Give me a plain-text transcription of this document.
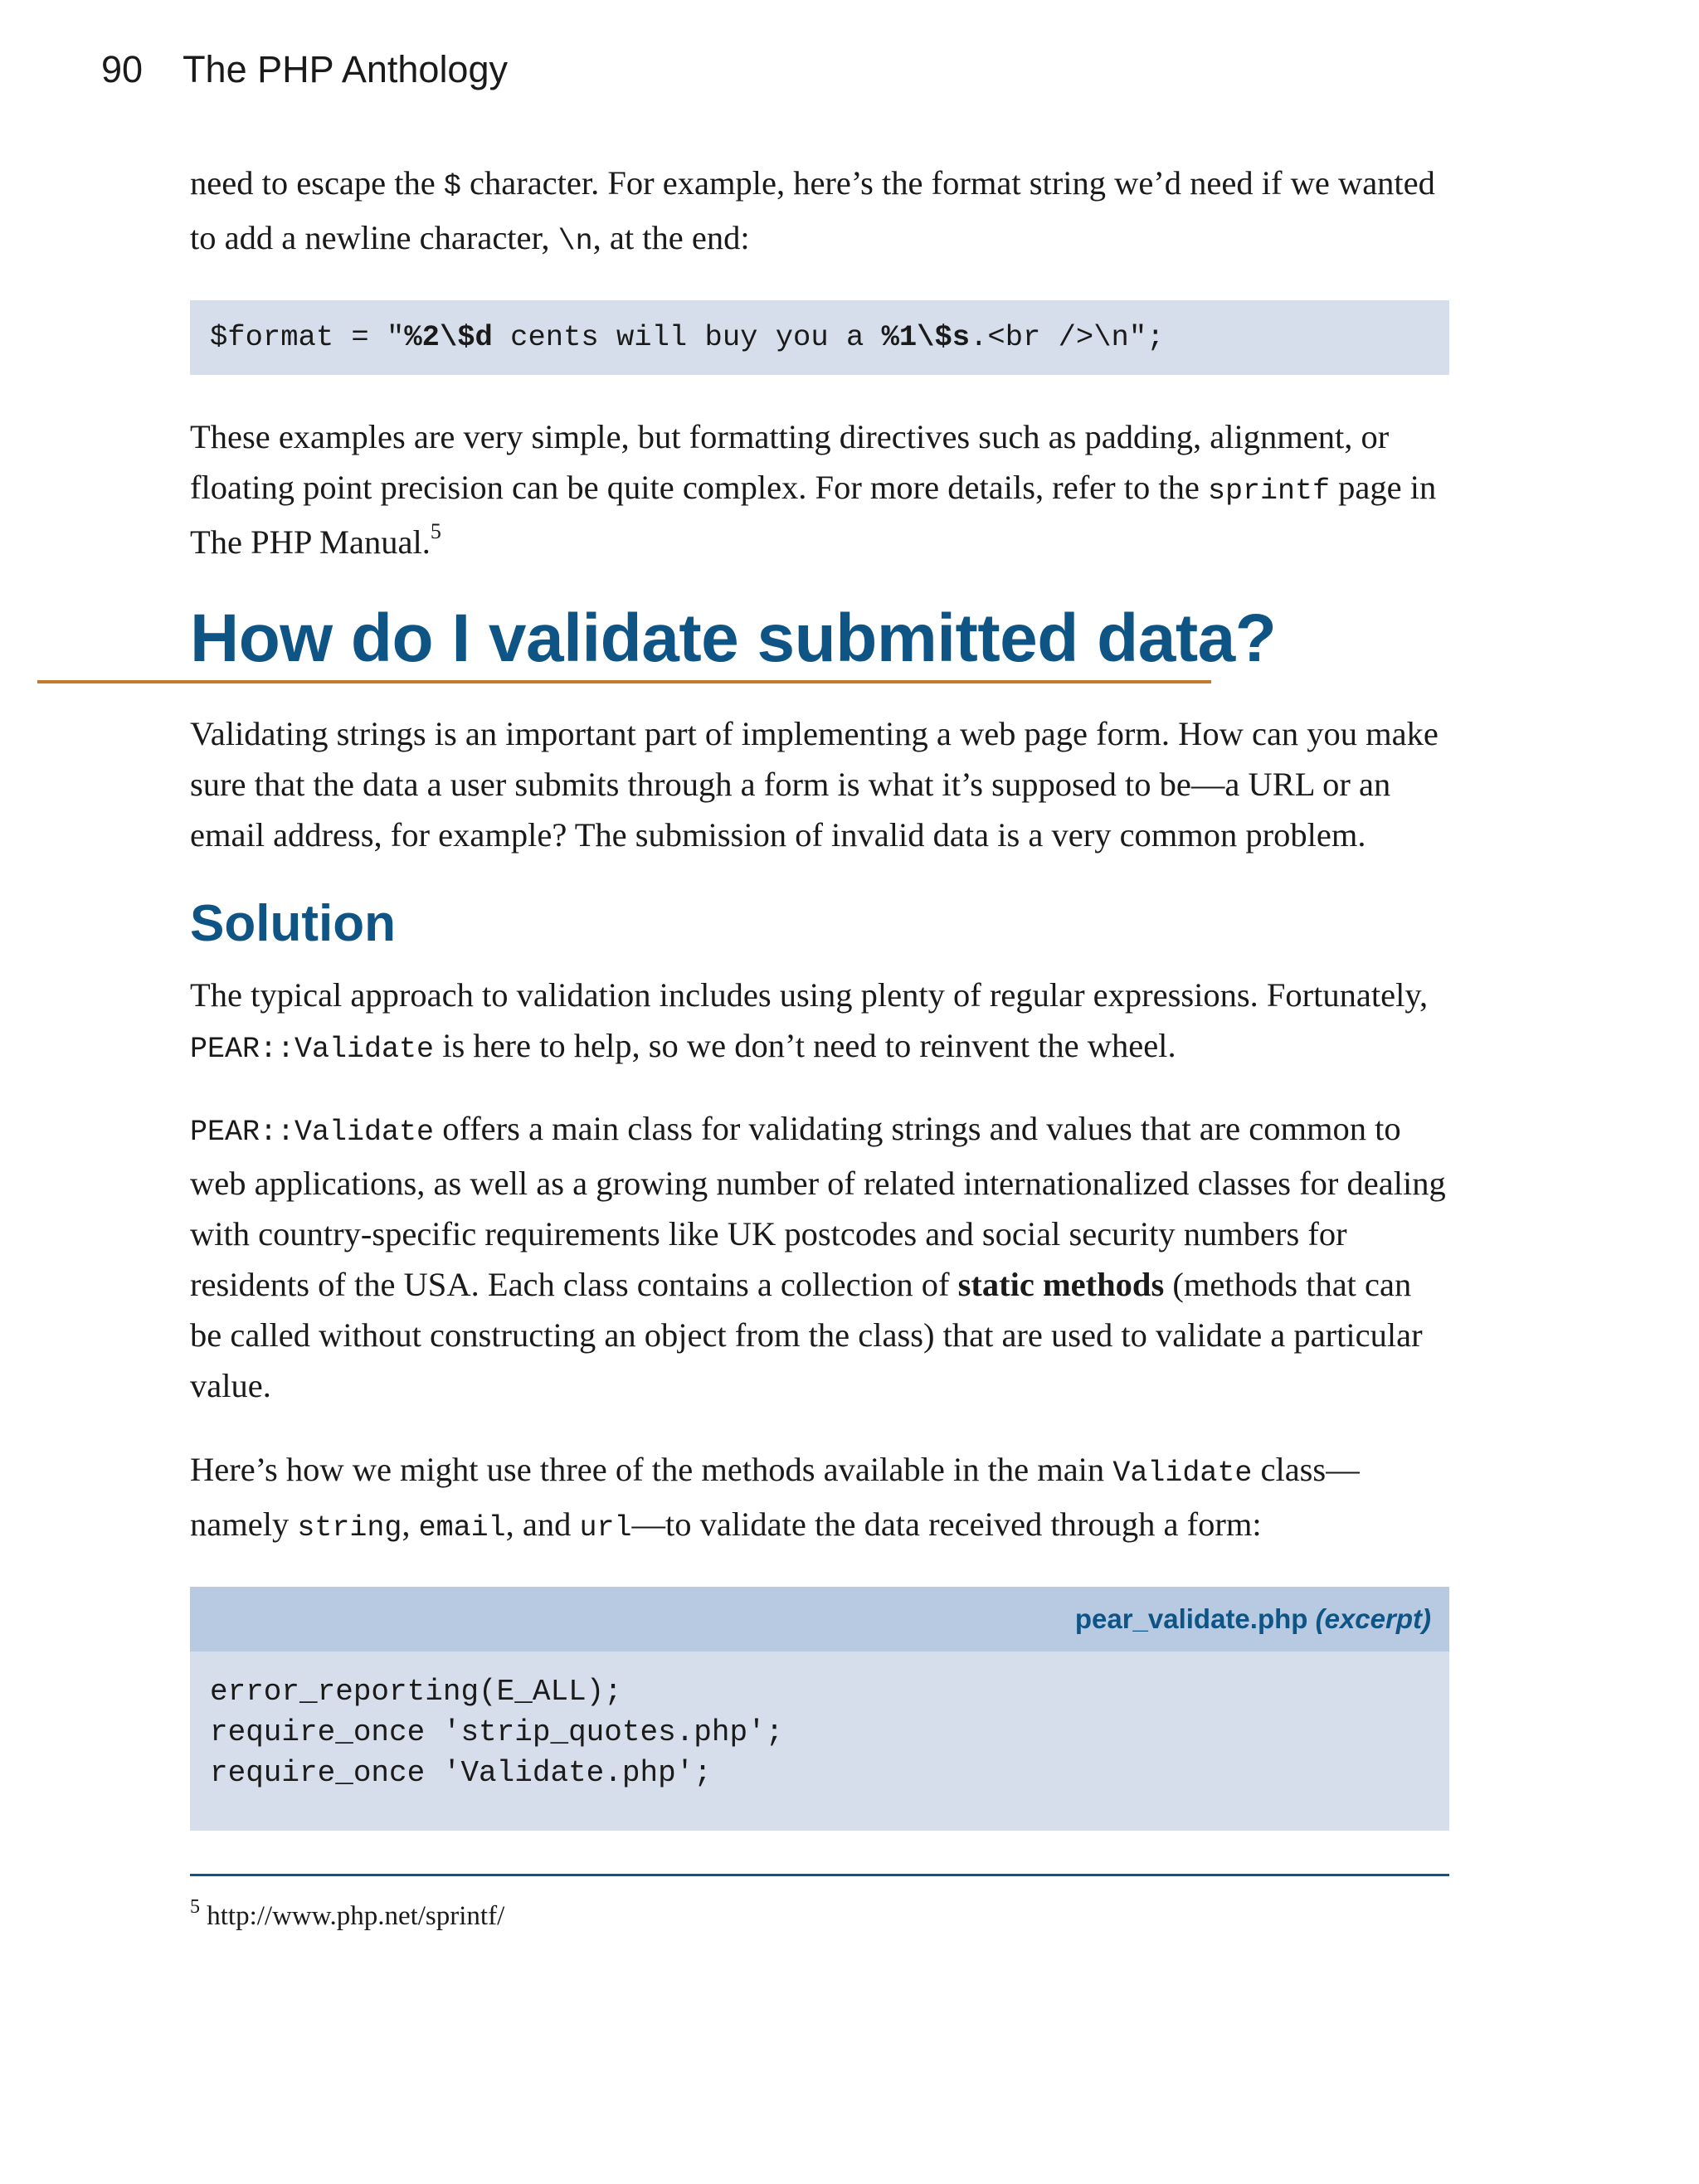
90 The PHP Anthology

need to escape the $ character. For example, here’s the format string we’d need if we wanted to add a newline character, \n, at the end:

$format = "%2\$d cents will buy you a %1\$s.<br />\n";

These examples are very simple, but formatting directives such as padding, alignment, or floating point precision can be quite complex. For more details, refer to the sprintf page in The PHP Manual.$^5$

How do I validate submitted data?

Validating strings is an important part of implementing a web page form. How can you make sure that the data a user submits through a form is what it’s supposed to be—a URL or an email address, for example? The submission of invalid data is a very common problem.

Solution

The typical approach to validation includes using plenty of regular expressions. Fortunately, PEAR::Validate is here to help, so we don’t need to reinvent the wheel.

PEAR::Validate offers a main class for validating strings and values that are common to web applications, as well as a growing number of related internationalized classes for dealing with country-specific requirements like UK postcodes and social security numbers for residents of the USA. Each class contains a collection of static methods (methods that can be called without constructing an object from the class) that are used to validate a particular value.

Here’s how we might use three of the methods available in the main Validate class—namely string, email, and url—to validate the data received through a form:

pear_validate.php (excerpt)
error_reporting(E_ALL);
require_once 'strip_quotes.php';
require_once 'Validate.php';
$^5$ http://www.php.net/sprintf/
